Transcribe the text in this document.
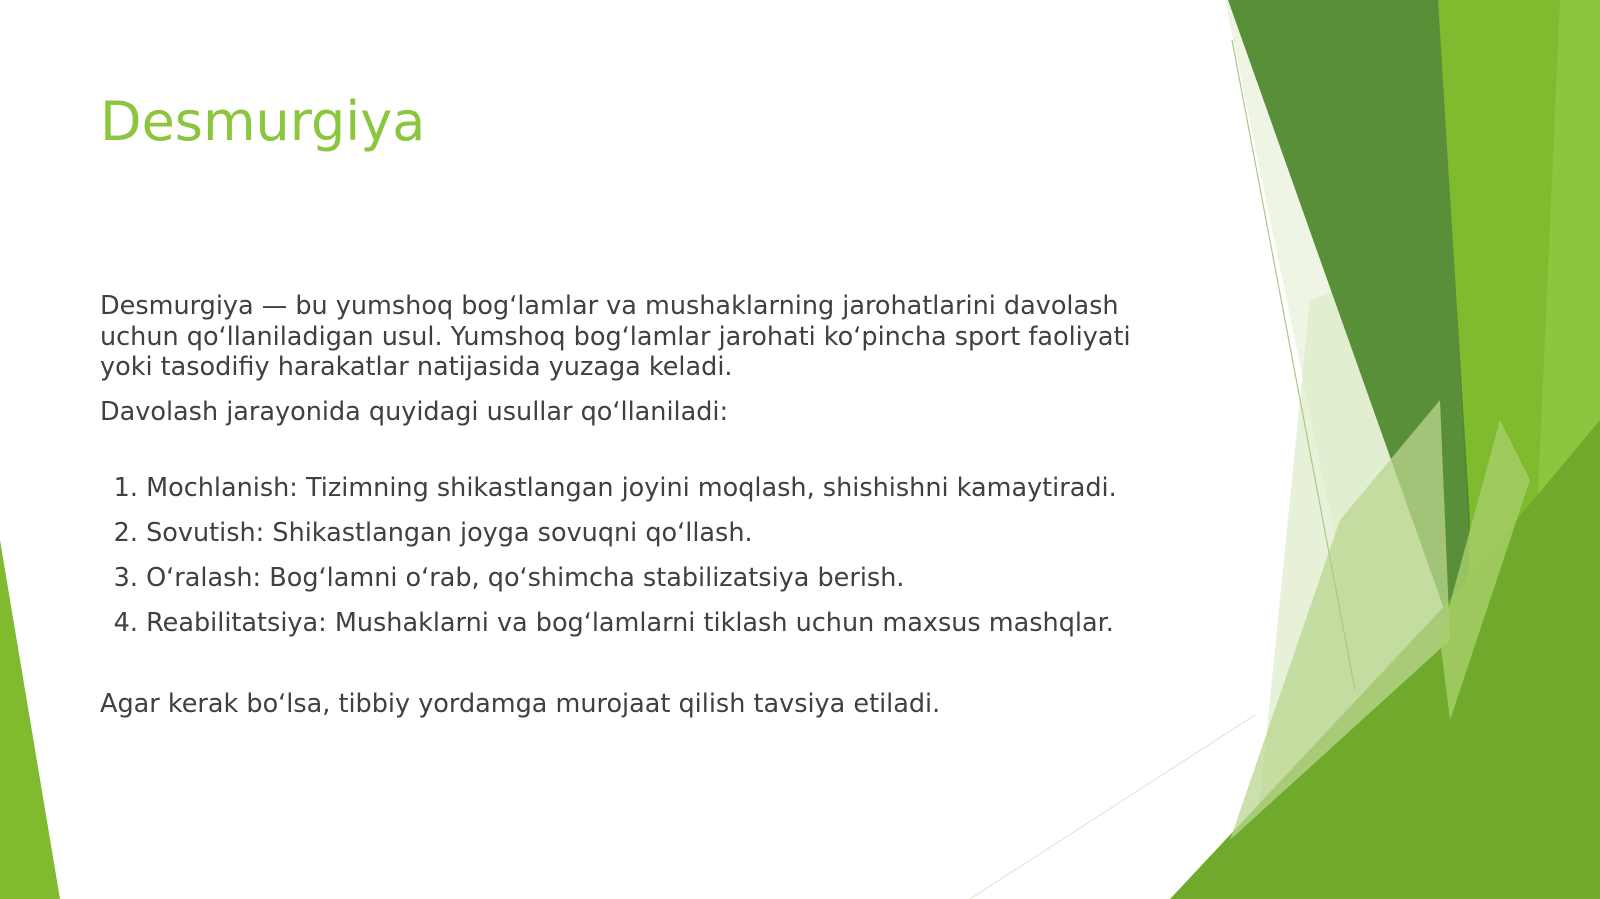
Desmurgiya

Desmurgiya — bu yumshoq bogʻlamlar va mushaklarning jarohatlarini davolash uchun qoʻllaniladigan usul. Yumshoq bogʻlamlar jarohati koʻpincha sport faoliyati yoki tasodifiy harakatlar natijasida yuzaga keladi.

Davolash jarayonida quyidagi usullar qoʻllaniladi:

1. Mochlanish: Tizimning shikastlangan joyini moqlash, shishishni kamaytiradi.
2. Sovutish: Shikastlangan joyga sovuqni qoʻllash.
3. Oʻralash: Bogʻlamni oʻrab, qoʻshimcha stabilizatsiya berish.
4. Reabilitatsiya: Mushaklarni va bogʻlamlarni tiklash uchun maxsus mashqlar.

Agar kerak boʻlsa, tibbiy yordamga murojaat qilish tavsiya etiladi.
